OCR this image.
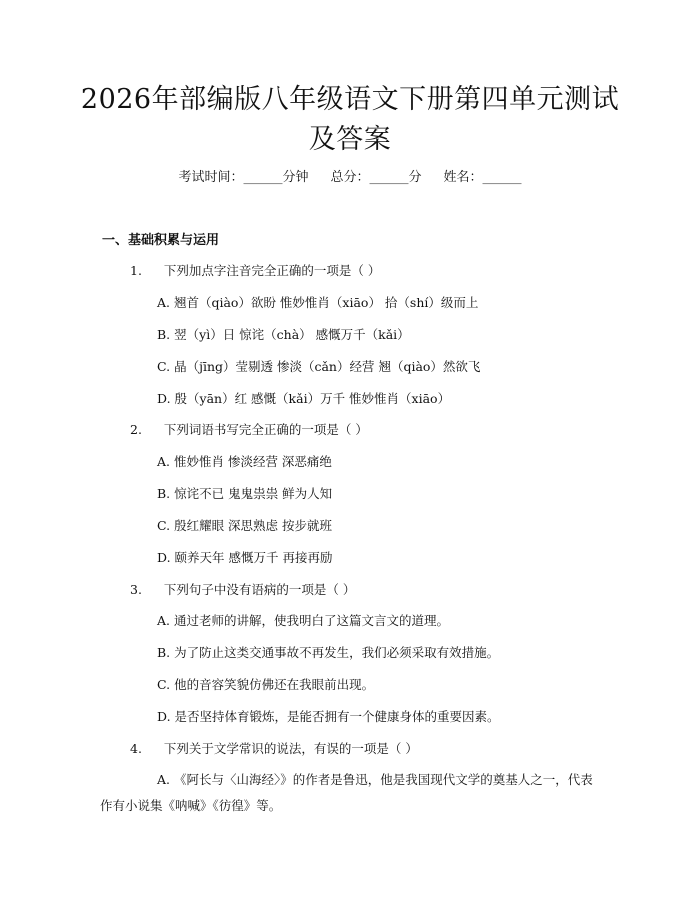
2026年部编版八年级语文下册第四单元测试及答案
考试时间：______分钟 总分：______分 姓名：______
一、基础积累与运用
1. 下列加点字注音完全正确的一项是（ ）
A. 翘首（qiào）欲盼 惟妙惟肖（xiāo） 拾（shí）级而上
B. 翌（yì）日 惊诧（chà） 感慨万千（kǎi）
C. 晶（jīng）莹剔透 惨淡（cǎn）经营 翘（qiào）然欲飞
D. 殷（yān）红 感慨（kǎi）万千 惟妙惟肖（xiāo）
2. 下列词语书写完全正确的一项是（ ）
A. 惟妙惟肖 惨淡经营 深恶痛绝
B. 惊诧不已 鬼鬼祟祟 鲜为人知
C. 殷红耀眼 深思熟虑 按步就班
D. 颐养天年 感慨万千 再接再励
3. 下列句子中没有语病的一项是（ ）
A. 通过老师的讲解，使我明白了这篇文言文的道理。
B. 为了防止这类交通事故不再发生，我们必须采取有效措施。
C. 他的音容笑貌仿佛还在我眼前出现。
D. 是否坚持体育锻炼，是能否拥有一个健康身体的重要因素。
4. 下列关于文学常识的说法，有误的一项是（ ）
A. 《阿长与〈山海经〉》的作者是鲁迅，他是我国现代文学的奠基人之一，代表作有小说集《呐喊》《彷徨》等。
